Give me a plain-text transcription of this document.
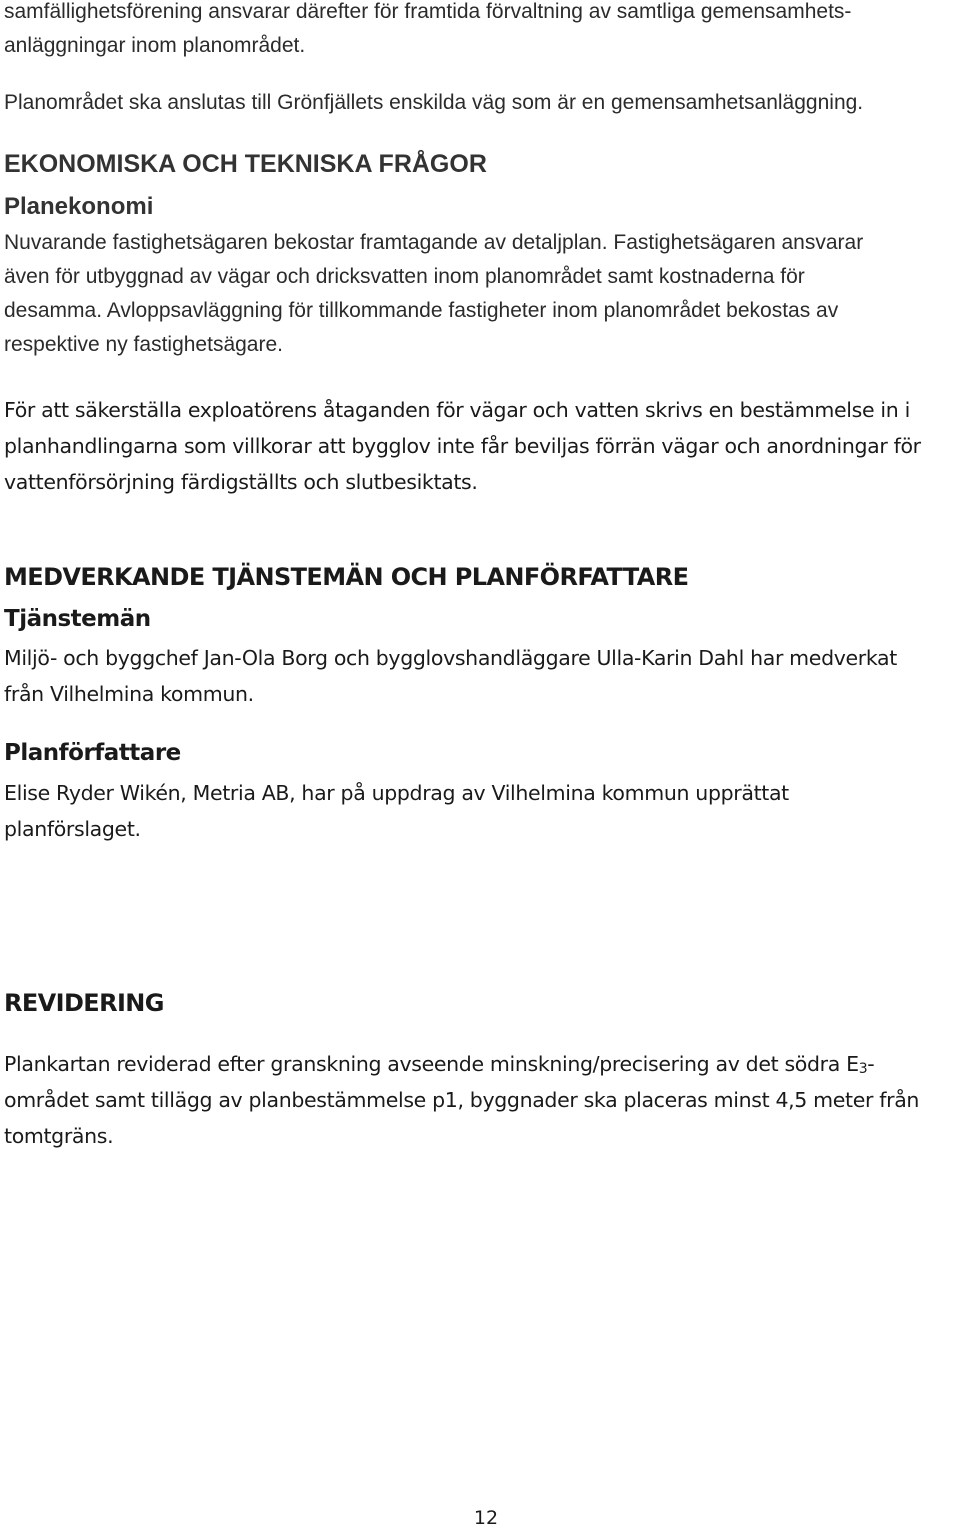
samfällighetsförening ansvarar därefter för framtida förvaltning av samtliga gemensamhets-
anläggningar inom planområdet.

Planområdet ska anslutas till Grönfjällets enskilda väg som är en gemensamhetsanläggning.

EKONOMISKA OCH TEKNISKA FRÅGOR
Planekonomi

Nuvarande fastighetsägaren bekostar framtagande av detaljplan. Fastighetsägaren ansvarar
även för utbyggnad av vägar och dricksvatten inom planområdet samt kostnaderna för
desamma. Avloppsavläggning för tillkommande fastigheter inom planområdet bekostas av
respektive ny fastighetsägare.

För att säkerställa exploatörens åtaganden för vägar och vatten skrivs en bestämmelse in i
planhandlingarna som villkorar att bygglov inte får beviljas förrän vägar och anordningar för
vattenförsörjning färdigställts och slutbesiktats.

MEDVERKANDE TJÄNSTEMÄN OCH PLANFÖRFATTARE
Tjänstemän

Miljö- och byggchef Jan-Ola Borg och bygglovshandläggare Ulla-Karin Dahl har medverkat
från Vilhelmina kommun.

Planförfattare

Elise Ryder Wikén, Metria AB, har på uppdrag av Vilhelmina kommun upprättat
planförslaget.

REVIDERING

Plankartan reviderad efter granskning avseende minskning/precisering av det södra $E_3-$
området samt tillägg av planbestämmelse p1, byggnader ska placeras minst 4,5 meter från
tomtgräns.

12
